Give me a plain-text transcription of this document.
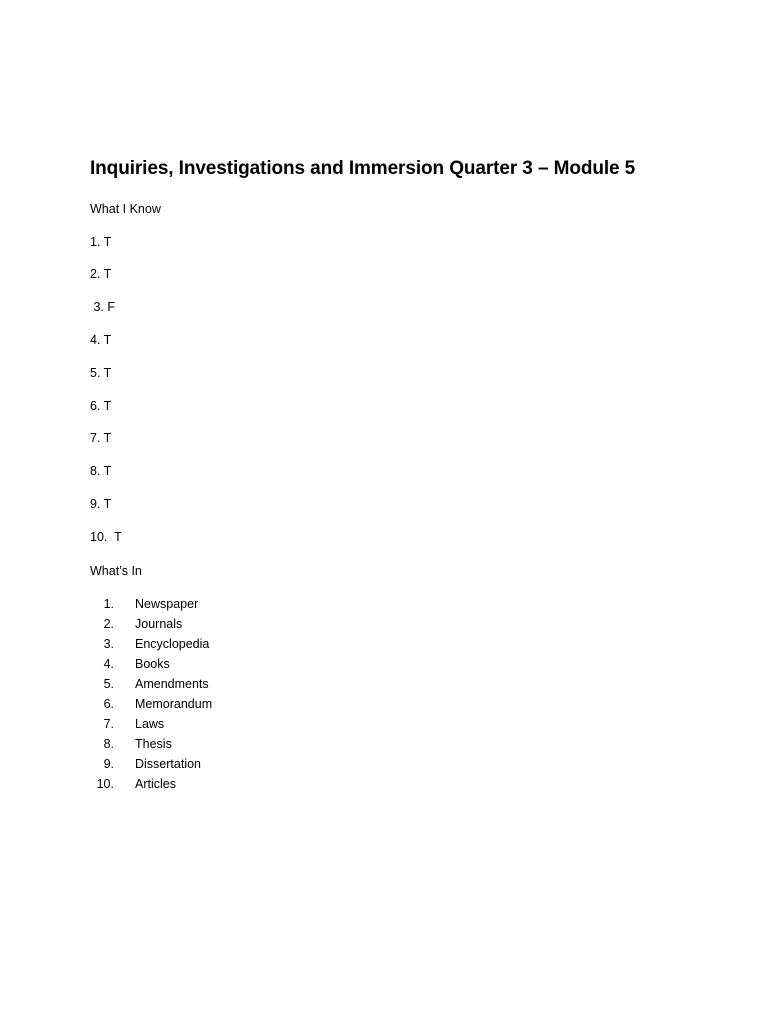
Inquiries, Investigations and Immersion Quarter 3 – Module 5
What I Know
1. T
2. T
3. F
4. T
5. T
6. T
7. T
8. T
9. T
10.  T
What’s In
1. Newspaper
2. Journals
3. Encyclopedia
4. Books
5. Amendments
6. Memorandum
7. Laws
8. Thesis
9. Dissertation
10. Articles
